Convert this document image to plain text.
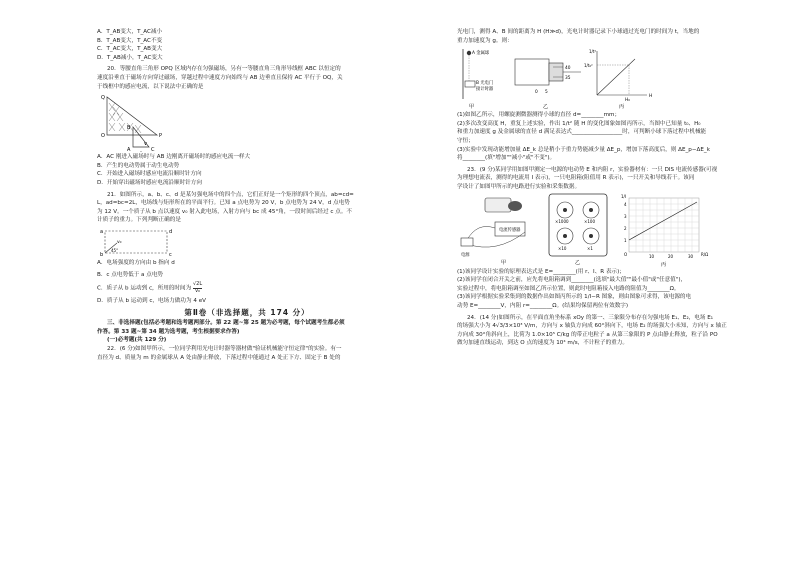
A．T_AB变大，T_AC减小
B．T_AB变大，T_AC不变
C．T_AC变大，T_AB变大
D．T_AB减小，T_AC变大
20．等腰直角三角形 OPQ 区域内存在匀强磁场，另有一等腰直角三角形导线框 ABC 以恒定的
速度沿垂直于磁场方向穿过磁场，穿越过程中速度方向始终与 AB 边垂直且保持 AC 平行于 OQ，关
于线框中的感应电流，以下说法中正确的是
Q
O	P
A
B
C
v
A．AC 刚进入磁场时与 AB 边刚离开磁场时的感应电流一样大
B．产生的电动势属于动生电动势
C．开始进入磁场时感应电流沿顺时针方向
D．开始穿出磁场时感应电流沿顺时针方向
21．如图所示，a、b、c、d 是某匀强电场中的四个点，它们正好是一个矩形的四个顶点，ab=cd=
L，ad=bc=2L，电场线与矩形所在的平面平行。已知 a 点电势为 20 V，b 点电势为 24 V，d 点电势
为 12 V。一个质子从 b 点以速度 v₀ 射入此电场，入射方向与 bc 成 45°角，一段时间后经过 c 点。不
计质子的重力。下列判断正确的是
a	d
b	c
v₀
45°
A．电场强度的方向由 b 指向 d
B．c 点电势低于 a 点电势
C．质子从 b 运动到 c，所用的时间为 $\frac{√2L}{\text{v₀}}$
D．质子从 b 运动到 c，电场力做功为 4 eV
第Ⅱ卷（非选择题，共 174 分）
三、非选择题(包括必考题和选考题两部分。第 22 题~第 25 题为必考题，每个试题考生都必须
作答。第 33 题~第 34 题为选考题，考生根据要求作答)
(一)必考题(共 129 分)
22．(6 分)如图甲所示，一位同学利用光电计时器等器材做"验证机械能守恒定律"的实验。有一
直径为 d、质量为 m 的金属球从 A 处由静止释放，下落过程中能通过 A 处正下方、固定于 B 处的
光电门，测得 A、B 间的距离为 H (H≫d)，光电计时器记录下小球通过光电门的时间为 t，当地的
重力加速度为 g。则：
A 金属球
B 光电门
接计时器
甲
40
35
0 5
乙
1/t₀²
1/t²
H
H₀
丙
(1)如图乙所示，用螺旋测微器测得小球的直径 d=________mm；
(2)多次改变高度 H，重复上述实验，作出 1/t² 随 H 的变化图象如图丙所示，当图中已知量 t₀、H₀
和重力加速度 g 及金属球的直径 d 满足表达式__________________时，可判断小球下落过程中机械能
守恒；
(3)实验中发现动能增加量 ΔE_k 总是稍小于重力势能减少量 ΔE_p，增加下落高度后，则 ΔE_p−ΔE_k
将________(填"增加""减小"或"不变")。
23．(9 分)某同学用如图甲测定一电源的电动势 E 和内阻 r，实验器材有：一只 DIS 电流传感器(可视
为理想电流表，测得的电流用 I 表示)，一只电阻箱(阻值用 R 表示)，一只开关和导线若干。该同
学设计了如图甲所示的电路进行实验和采集数据。
电流传感器
电源
甲
×1000	×100
×10	×1
乙
1/I
R/Ω
O	10	20	30
1
2
3
4
丙
(1)该同学设计实验的原理表达式是 E=________(用 r、I、R 表示)；
(2)该同学在闭合开关之前，应先将电阻箱调到________(选填"最大值""最小值"或"任意值")，
实验过程中，将电阻箱调至如图乙所示位置，则此时电阻箱接入电路的阻值为________Ω。
(3)该同学根据实验采集到的数据作出如图丙所示的 1/I−R 图象，则由图象可求得，该电源的电
动势 E=________V，内阻 r=________Ω。(结果均保留两位有效数字)
24．(14 分)如图所示，在平面直角坐标系 xOy 的第一、三象限分布存在匀强电场 E₁、E₂，电场 E₁
的场强大小为 4√3/3×10³ V/m，方向与 x 轴负方向成 60°斜向下，电场 E₂ 的场强大小未知，方向与 x 轴正
方向成 30°角斜向上，比荷为 1.0×10⁵ C/kg 的带正电粒子 a 从第三象限的 P 点由静止释放，粒子沿 PO
做匀加速直线运动，到达 O 点的速度为 10⁴ m/s，不计粒子的重力。
